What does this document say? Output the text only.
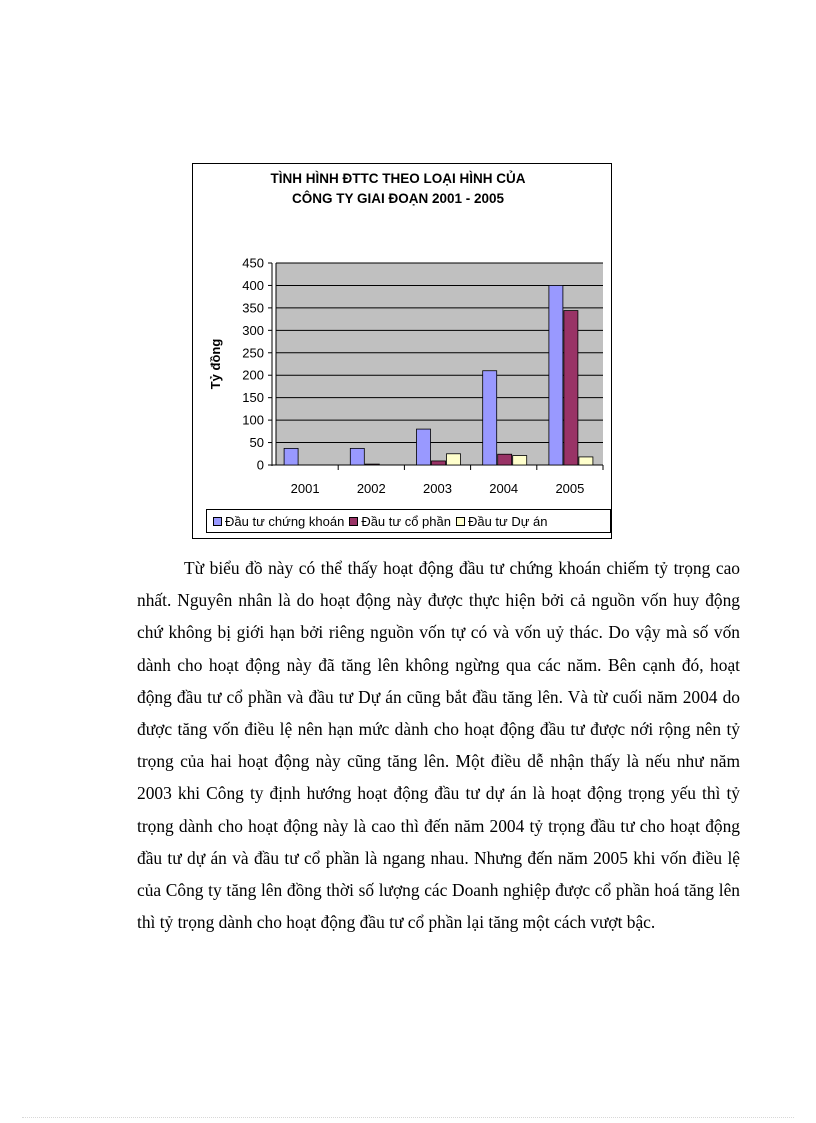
TÌNH HÌNH ĐTTC THEO LOẠI HÌNH CỦA
CÔNG TY GIAI ĐOẠN 2001 - 2005
0
50
100
150
200
250
300
350
400
450
Tỷ đồng
2001	2002	2003	2004	2005
Đầu tư chứng khoán Đầu tư cổ phần Đầu tư Dự án

Từ biểu đồ này có thể thấy hoạt động đầu tư chứng khoán chiếm tỷ trọng cao nhất. Nguyên nhân là do hoạt động này được thực hiện bởi cả nguồn vốn huy động chứ không bị giới hạn bởi riêng nguồn vốn tự có và vốn uỷ thác. Do vậy mà số vốn dành cho hoạt động này đã tăng lên không ngừng qua các năm. Bên cạnh đó, hoạt động đầu tư cổ phần và đầu tư Dự án cũng bắt đầu tăng lên. Và từ cuối năm 2004 do được tăng vốn điều lệ nên hạn mức dành cho hoạt động đầu tư được nới rộng nên tỷ trọng của hai hoạt động này cũng tăng lên. Một điều dễ nhận thấy là nếu như năm 2003 khi Công ty định hướng hoạt động đầu tư dự án là hoạt động trọng yếu thì tỷ trọng dành cho hoạt động này là cao thì đến năm 2004 tỷ trọng đầu tư cho hoạt động đầu tư dự án và đầu tư cổ phần là ngang nhau. Nhưng đến năm 2005 khi vốn điều lệ của Công ty tăng lên đồng thời số lượng các Doanh nghiệp được cổ phần hoá tăng lên thì tỷ trọng dành cho hoạt động đầu tư cổ phần lại tăng một cách vượt bậc.
